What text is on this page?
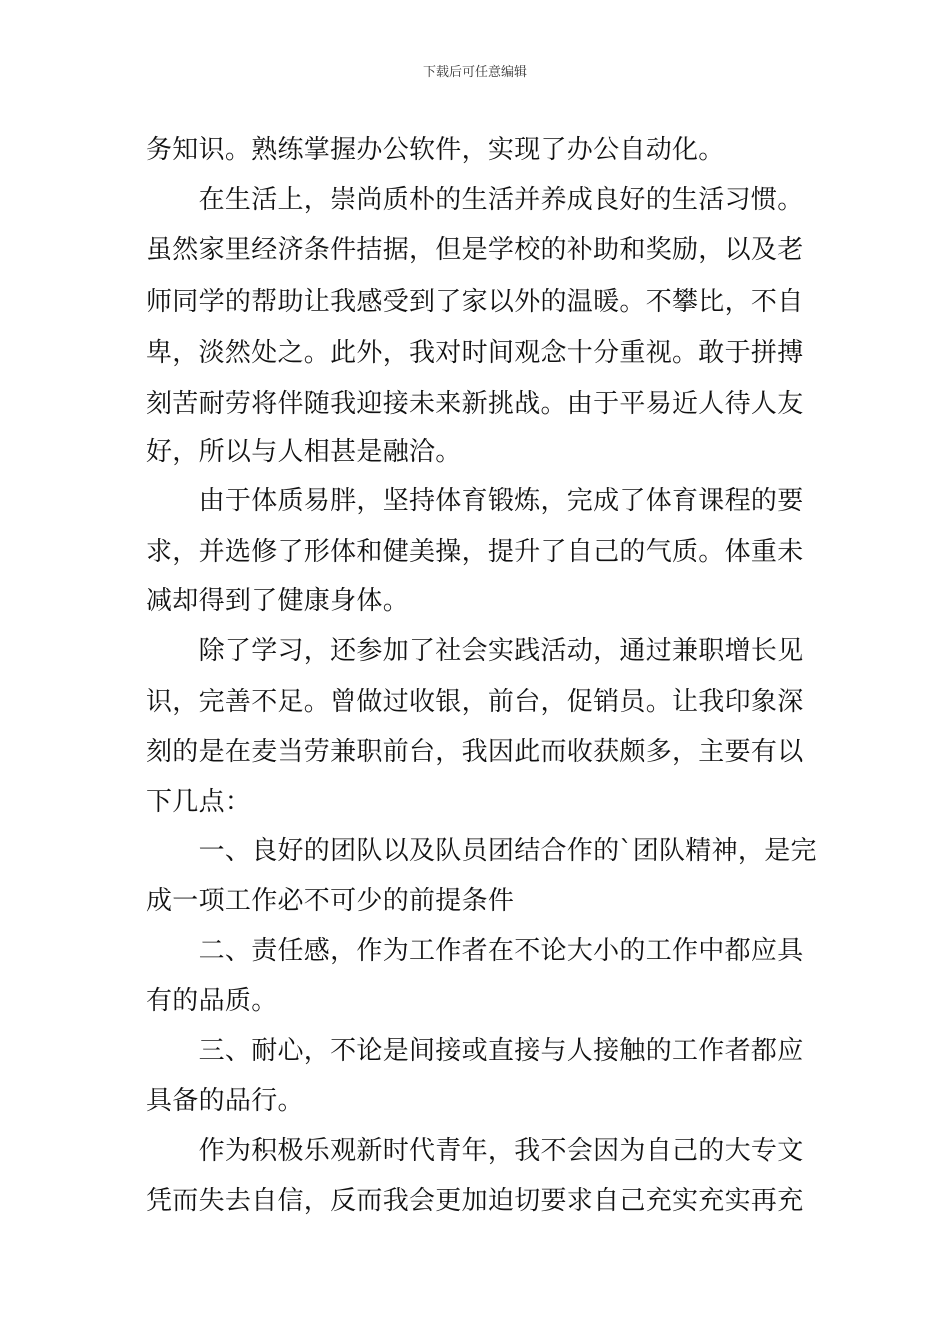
下载后可任意编辑
务知识。熟练掌握办公软件，实现了办公自动化。
　　在生活上，崇尚质朴的生活并养成良好的生活习惯。
虽然家里经济条件拮据，但是学校的补助和奖励，以及老
师同学的帮助让我感受到了家以外的温暖。不攀比，不自
卑，淡然处之。此外，我对时间观念十分重视。敢于拼搏
刻苦耐劳将伴随我迎接未来新挑战。由于平易近人待人友
好，所以与人相甚是融洽。
　　由于体质易胖，坚持体育锻炼，完成了体育课程的要
求，并选修了形体和健美操，提升了自己的气质。体重未
减却得到了健康身体。
　　除了学习，还参加了社会实践活动，通过兼职增长见
识，完善不足。曾做过收银，前台，促销员。让我印象深
刻的是在麦当劳兼职前台，我因此而收获颇多，主要有以
下几点：
　　一、良好的团队以及队员团结合作的`团队精神，是完
成一项工作必不可少的前提条件
　　二、责任感，作为工作者在不论大小的工作中都应具
有的品质。
　　三、耐心，不论是间接或直接与人接触的工作者都应
具备的品行。
　　作为积极乐观新时代青年，我不会因为自己的大专文
凭而失去自信，反而我会更加迫切要求自己充实充实再充
